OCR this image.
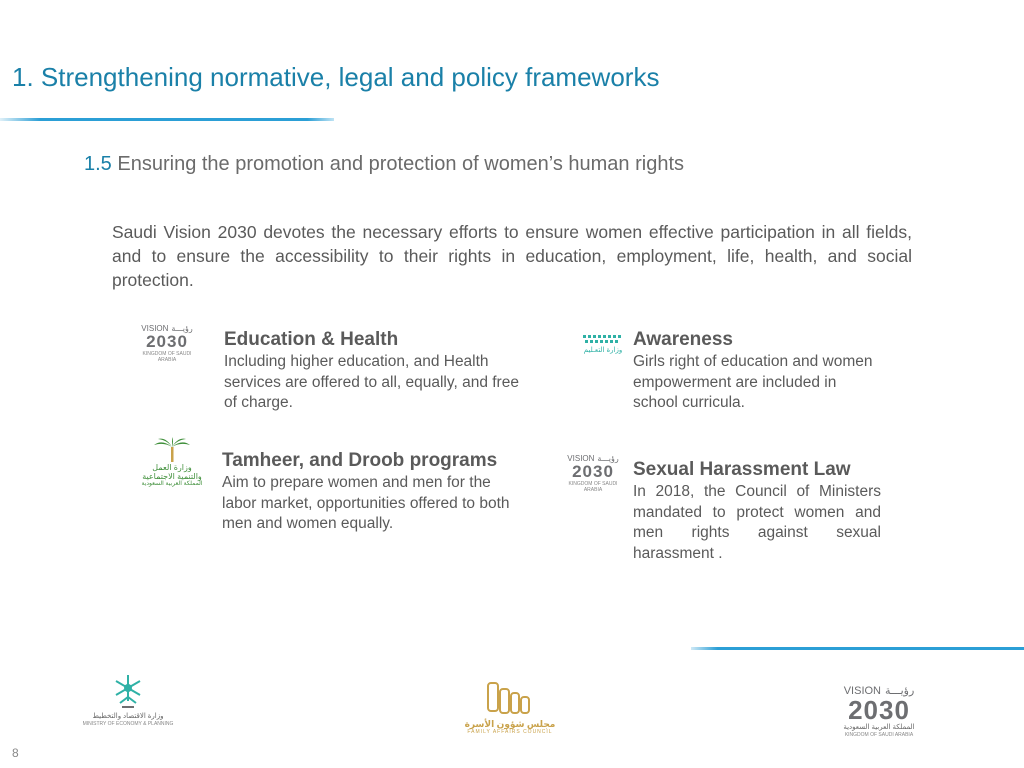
1. Strengthening normative, legal and policy frameworks
1.5 Ensuring the promotion and protection of women’s human rights
Saudi Vision 2030 devotes the necessary efforts to ensure women effective participation in all fields, and to ensure the accessibility to their rights in education, employment, life, health, and social protection.
VISION رؤيـــة
2030
KINGDOM OF SAUDI ARABIA
Education & Health
Including higher education, and Health services are offered to all, equally, and free of charge.
وزارة التعـليم
Awareness
Girls right of education and women empowerment are included in school curricula.
وزارة العمل
والتنمية الاجتماعية
المملكة العربية السعودية
Tamheer, and Droob programs
Aim to prepare women and men for the labor market, opportunities offered to both men and women equally.
VISION رؤيـــة
2030
KINGDOM OF SAUDI ARABIA
Sexual Harassment Law
In 2018, the Council of Ministers mandated to protect women and men rights against sexual harassment .
وزارة الاقتصاد والتخطيط
MINISTRY OF ECONOMY & PLANNING	مجلس شؤون الأسرة
FAMILY AFFAIRS COUNCIL
VISION رؤيـــة
2030
المملكة العربية السعودية
KINGDOM OF SAUDI ARABIA
8
